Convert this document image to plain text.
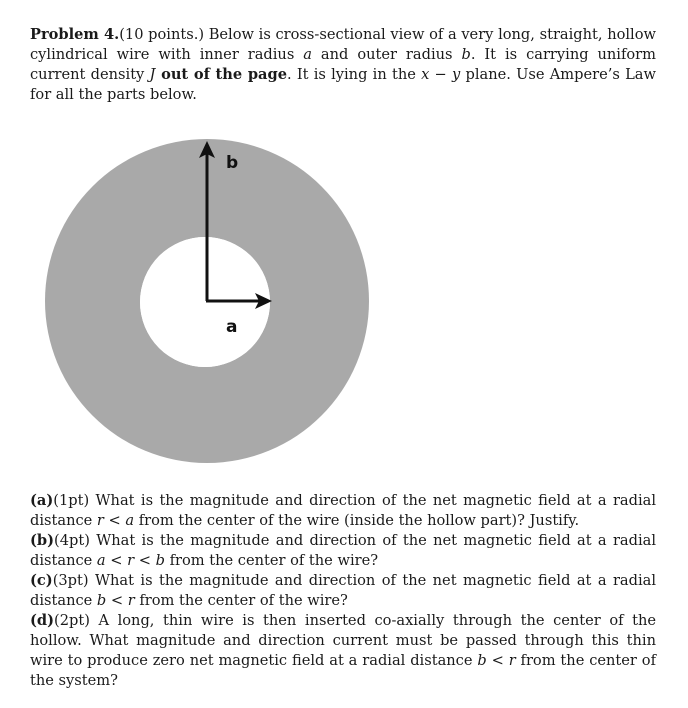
Problem 4.(10 points.) Below is cross-sectional view of a very long, straight, hollow cylindrical wire with inner radius a and outer radius b. It is carrying uniform current density J out of the page. It is lying in the x − y plane. Use Ampere’s Law for all the parts below.

b
a
(a)(1pt) What is the magnitude and direction of the net magnetic field at a radial distance r < a from the center of the wire (inside the hollow part)? Justify.
(b)(4pt) What is the magnitude and direction of the net magnetic field at a radial distance a < r < b from the center of the wire?
(c)(3pt) What is the magnitude and direction of the net magnetic field at a radial distance b < r from the center of the wire?
(d)(2pt) A long, thin wire is then inserted co-axially through the center of the hollow. What magnitude and direction current must be passed through this thin wire to produce zero net magnetic field at a radial distance b < r from the center of the system?
